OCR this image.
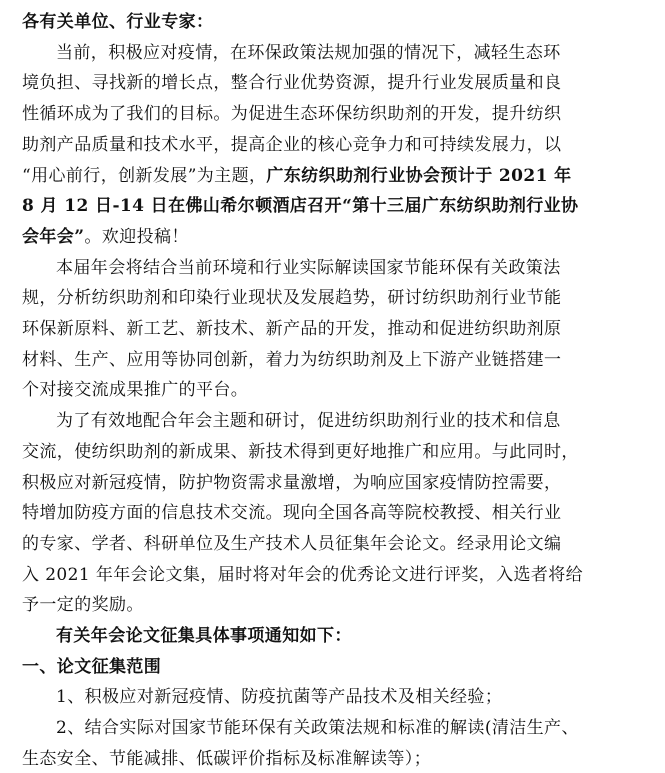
各有关单位、行业专家：
当前，积极应对疫情，在环保政策法规加强的情况下，减轻生态环
境负担、寻找新的增长点，整合行业优势资源，提升行业发展质量和良
性循环成为了我们的目标。为促进生态环保纺织助剂的开发，提升纺织
助剂产品质量和技术水平，提高企业的核心竞争力和可持续发展力，以
“用心前行，创新发展”为主题，广东纺织助剂行业协会预计于 2021 年
8 月 12 日-14 日在佛山希尔顿酒店召开“第十三届广东纺织助剂行业协
会年会”。欢迎投稿！
本届年会将结合当前环境和行业实际解读国家节能环保有关政策法
规，分析纺织助剂和印染行业现状及发展趋势，研讨纺织助剂行业节能
环保新原料、新工艺、新技术、新产品的开发，推动和促进纺织助剂原
材料、生产、应用等协同创新，着力为纺织助剂及上下游产业链搭建一
个对接交流成果推广的平台。
为了有效地配合年会主题和研讨，促进纺织助剂行业的技术和信息
交流，使纺织助剂的新成果、新技术得到更好地推广和应用。与此同时，
积极应对新冠疫情，防护物资需求量激增，为响应国家疫情防控需要，
特增加防疫方面的信息技术交流。现向全国各高等院校教授、相关行业
的专家、学者、科研单位及生产技术人员征集年会论文。经录用论文编
入 2021 年年会论文集，届时将对年会的优秀论文进行评奖，入选者将给
予一定的奖励。
有关年会论文征集具体事项通知如下：
一、论文征集范围
1、积极应对新冠疫情、防疫抗菌等产品技术及相关经验；
2、结合实际对国家节能环保有关政策法规和标准的解读(清洁生产、
生态安全、节能减排、低碳评价指标及标准解读等）；
